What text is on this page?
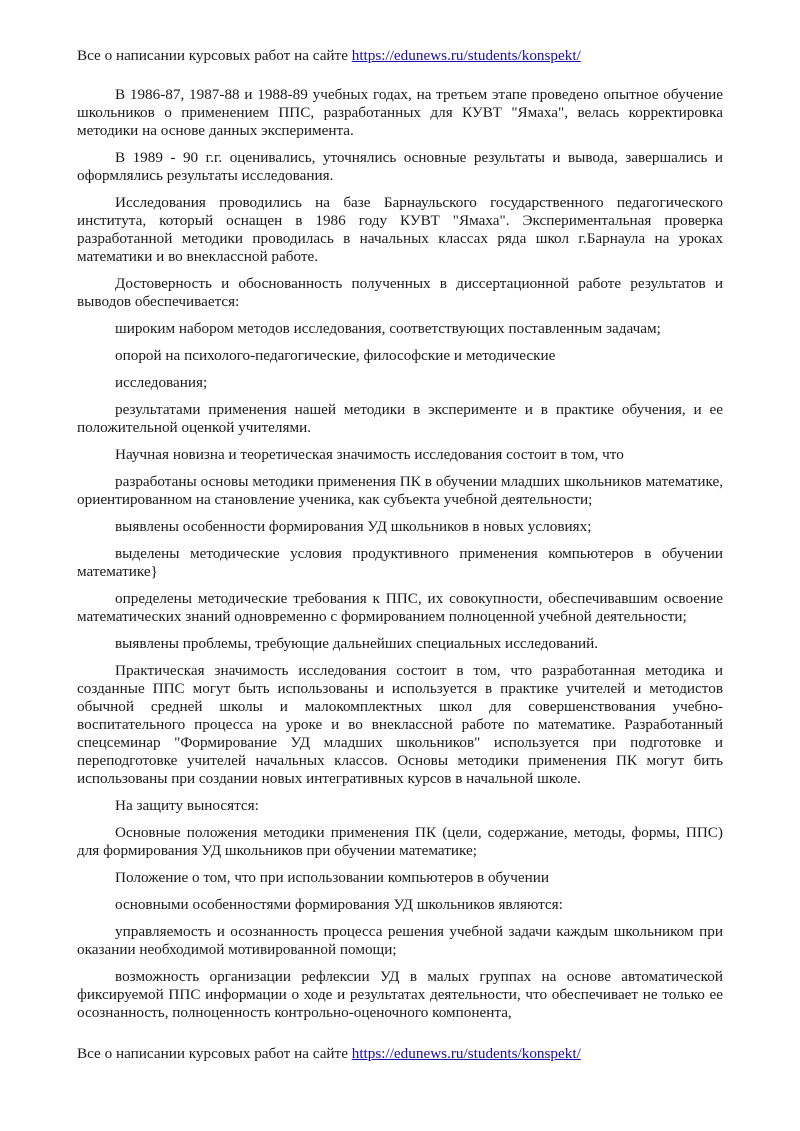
Все о написании курсовых работ на сайте https://edunews.ru/students/konspekt/

В 1986-87, 1987-88 и 1988-89 учебных годах, на третьем этапе проведено опытное обучение школьников о применением ППС, разработанных для КУВТ "Ямаха", велась корректировка методики на основе данных эксперимента.

В 1989 - 90 г.г. оценивались, уточнялись основные результаты и вывода, завершались и оформлялись результаты исследования.

Исследования проводились на базе Барнаульского государственного педагогического института, который оснащен в 1986 году КУВТ "Ямаха". Экспериментальная проверка разработанной методики проводилась в начальных классах ряда школ г.Барнаула на уроках математики и во внеклассной работе.

Достоверность и обоснованность полученных в диссертационной работе результатов и выводов обеспечивается:

широким набором методов исследования, соответствующих поставленным задачам;

опорой на психолого-педагогические, философские и методические

исследования;

результатами применения нашей методики в эксперименте и в практике обучения, и ее положительной оценкой учителями.

Научная новизна и теоретическая значимость исследования состоит в том, что

разработаны основы методики применения ПК в обучении младших школьников математике, ориентированном на становление ученика, как субъекта учебной деятельности;

выявлены особенности формирования УД школьников в новых условиях;

выделены методические условия продуктивного применения компьютеров в обучении математике}

определены методические требования к ППС, их совокупности, обеспечивавшим освоение математических знаний одновременно с формированием полноценной учебной деятельности;

выявлены проблемы, требующие дальнейших специальных исследований.

Практическая значимость исследования состоит в том, что разработанная методика и созданные ППС могут быть использованы и используется в практике учителей и методистов обычной средней школы и малокомплектных школ для совершенствования учебно-воспитательного процесса на уроке и во внеклассной работе по математике. Разработанный спецсеминар "Формирование УД младших школьников" используется при подготовке и переподготовке учителей начальных классов. Основы методики применения ПК могут бить использованы при создании новых интегративных курсов в начальной школе.

На защиту выносятся:

Основные положения методики применения ПК (цели, содержание, методы, формы, ППС) для формирования УД школьников при обучении математике;

Положение о том, что при использовании компьютеров в обучении

основными особенностями формирования УД школьников являются:

управляемость и осознанность процесса решения учебной задачи каждым школьником при оказании необходимой мотивированной помощи;

возможность организации рефлексии УД в малых группах на основе автоматической фиксируемой ППС информации о ходе и результатах деятельности, что обеспечивает не только ее осознанность, полноценность контрольно-оценочного компонента,

Все о написании курсовых работ на сайте https://edunews.ru/students/konspekt/
